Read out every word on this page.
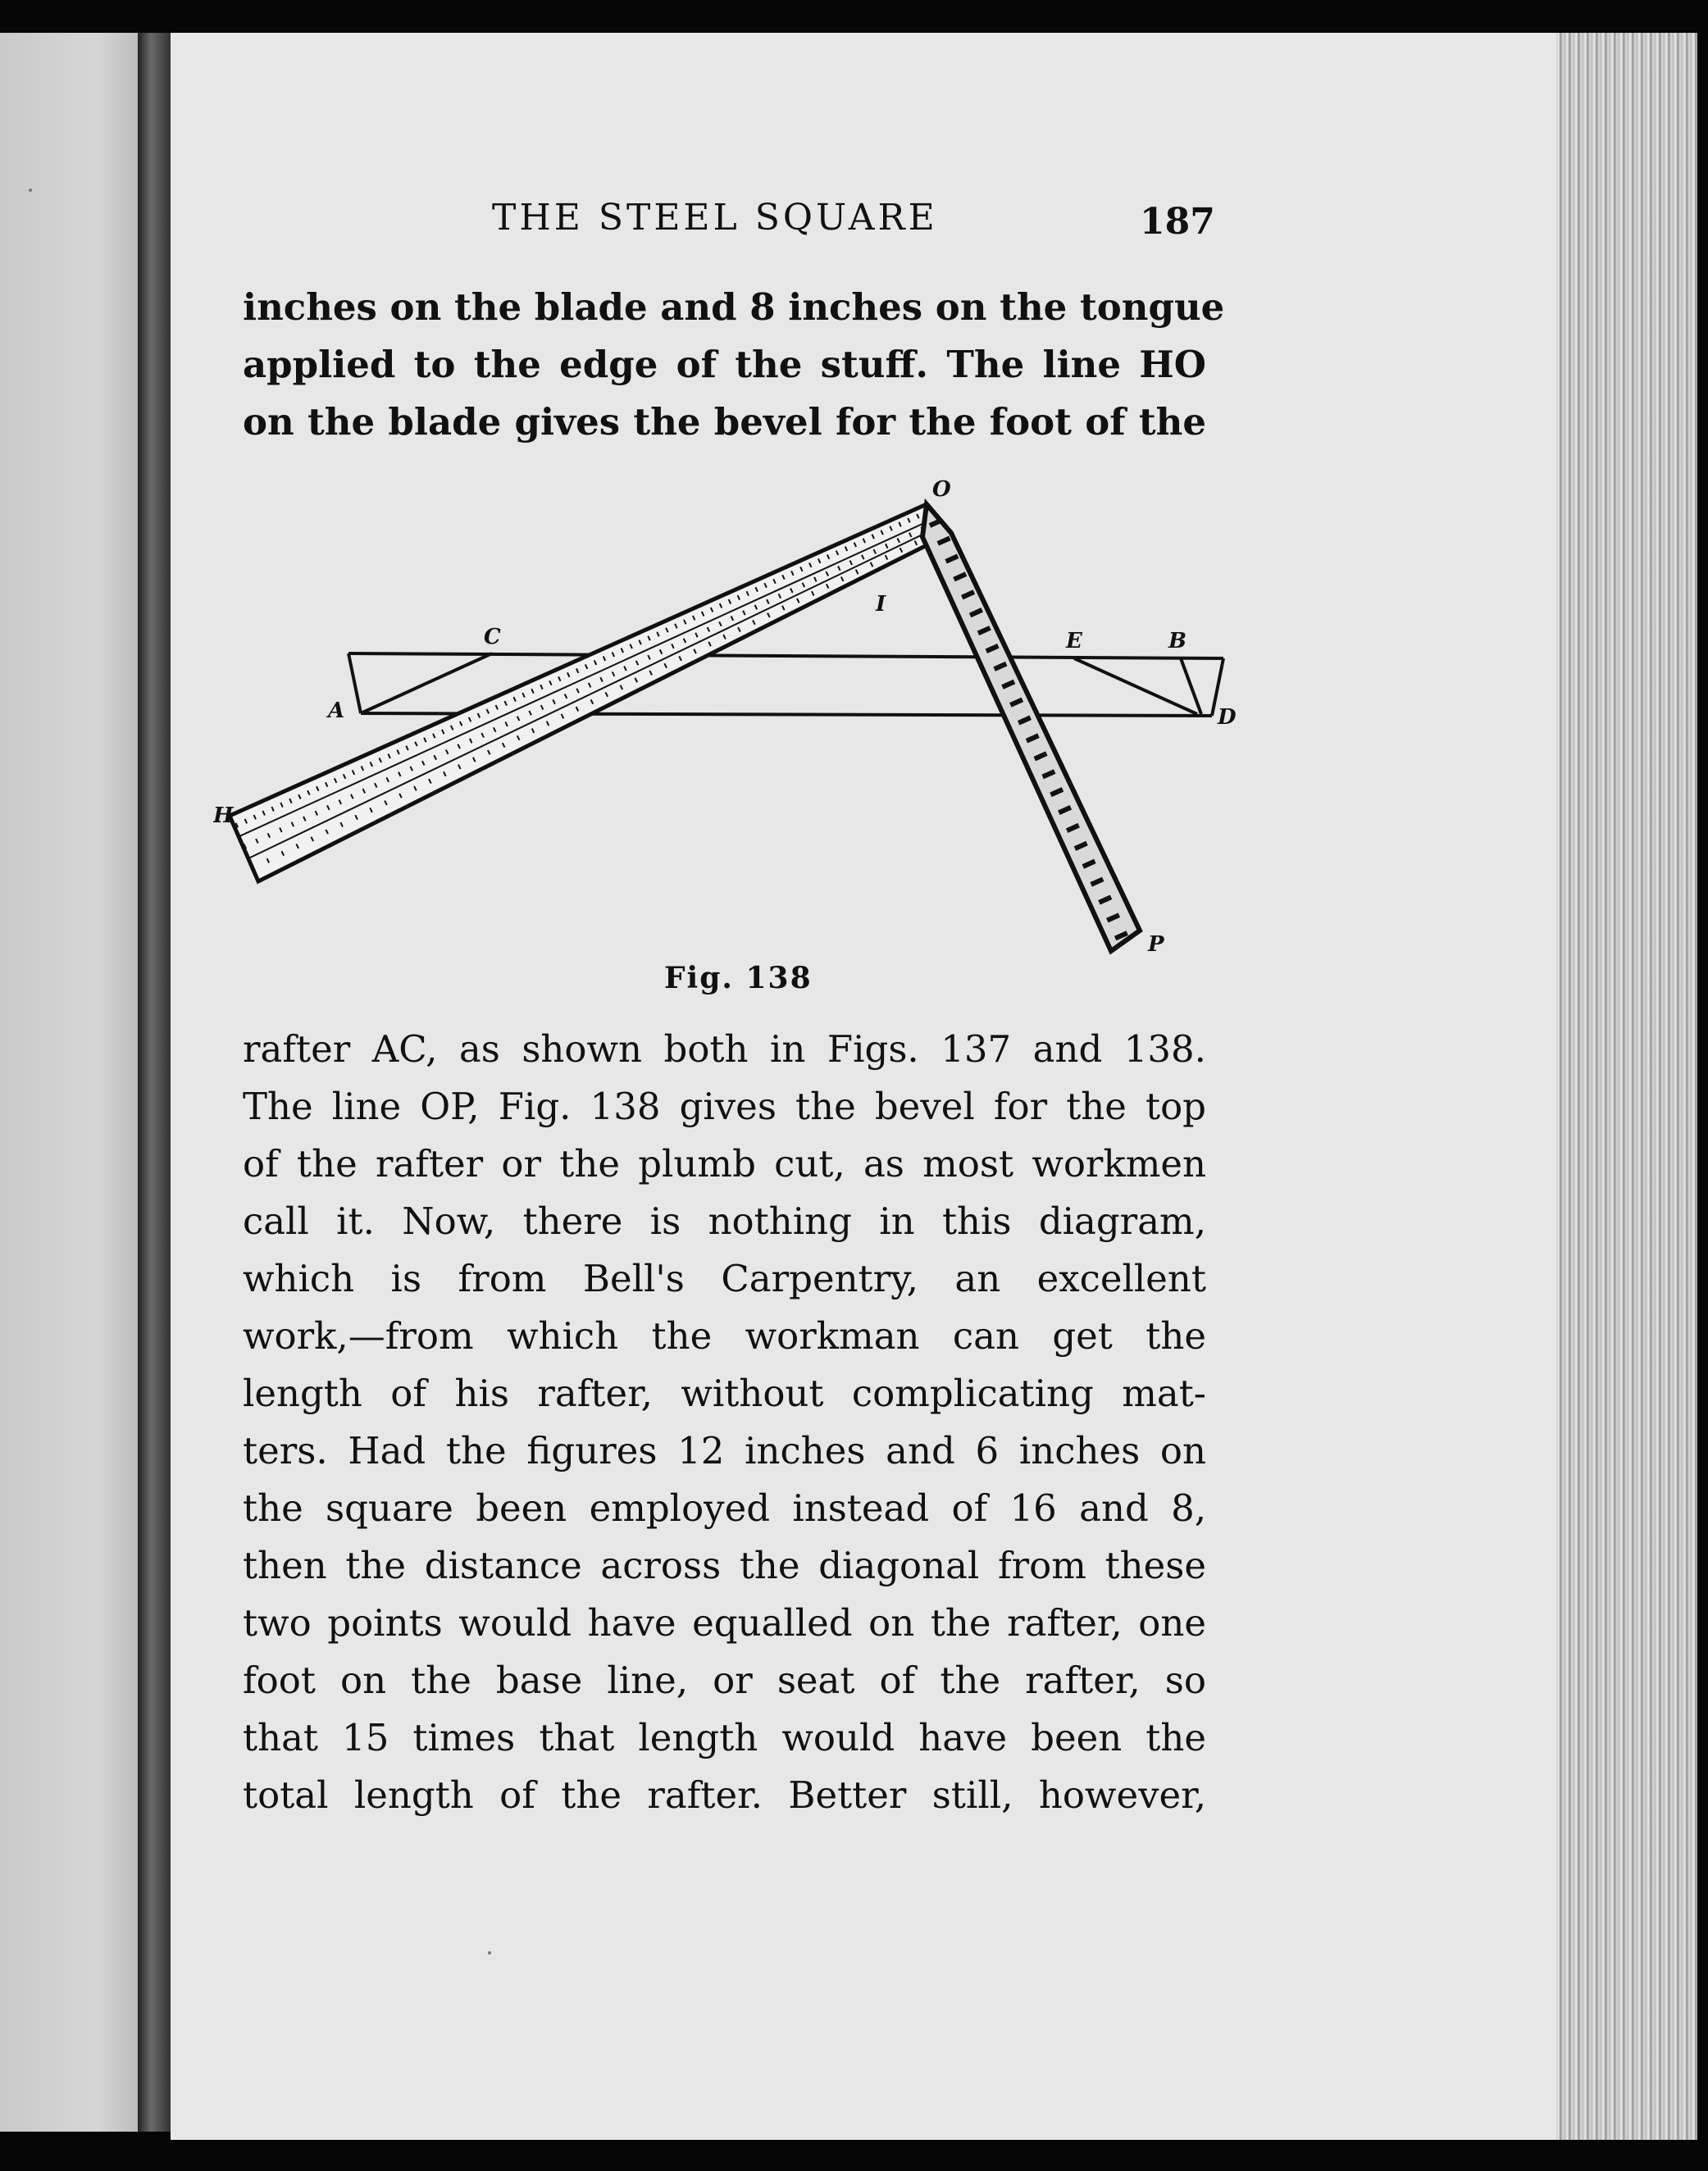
THE STEEL SQUARE	187
inches on the blade and 8 inches on the tongue
applied to the edge of the stuff. The line HO
on the blade gives the bevel for the foot of the
A
C	E	B
D
H
O
P
I
Fig. 138
rafter AC, as shown both in Figs. 137 and 138.
The line OP, Fig. 138 gives the bevel for the top
of the rafter or the plumb cut, as most workmen
call it. Now, there is nothing in this diagram,
which is from Bell's Carpentry, an excellent
work,—from which the workman can get the
length of his rafter, without complicating mat-
ters. Had the figures 12 inches and 6 inches on
the square been employed instead of 16 and 8,
then the distance across the diagonal from these
two points would have equalled on the rafter, one
foot on the base line, or seat of the rafter, so
that 15 times that length would have been the
total length of the rafter. Better still, however,
